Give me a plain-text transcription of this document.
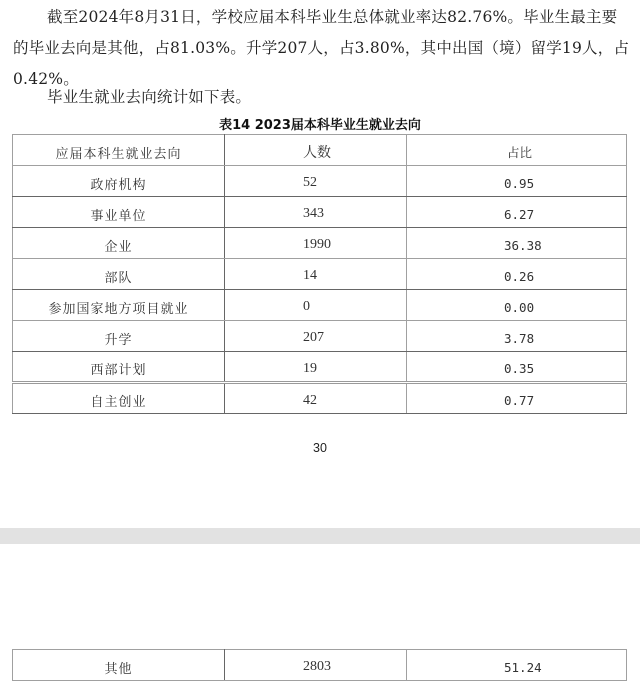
截至2024年8月31日，学校应届本科毕业生总体就业率达82.76%。毕业生最主要的毕业去向是其他，占81.03%。升学207人，占3.80%，其中出国（境）留学19人，占0.42%。

毕业生就业去向统计如下表。

表14 2023届本科毕业生就业去向
应届本科生就业去向	人数	占比
政府机构	52	0.95
事业单位	343	6.27
企业	1990	36.38
部队	14	0.26
参加国家地方项目就业	0	0.00
升学	207	3.78
西部计划	19	0.35
自主创业	42	0.77
30
其他	2803	51.24
